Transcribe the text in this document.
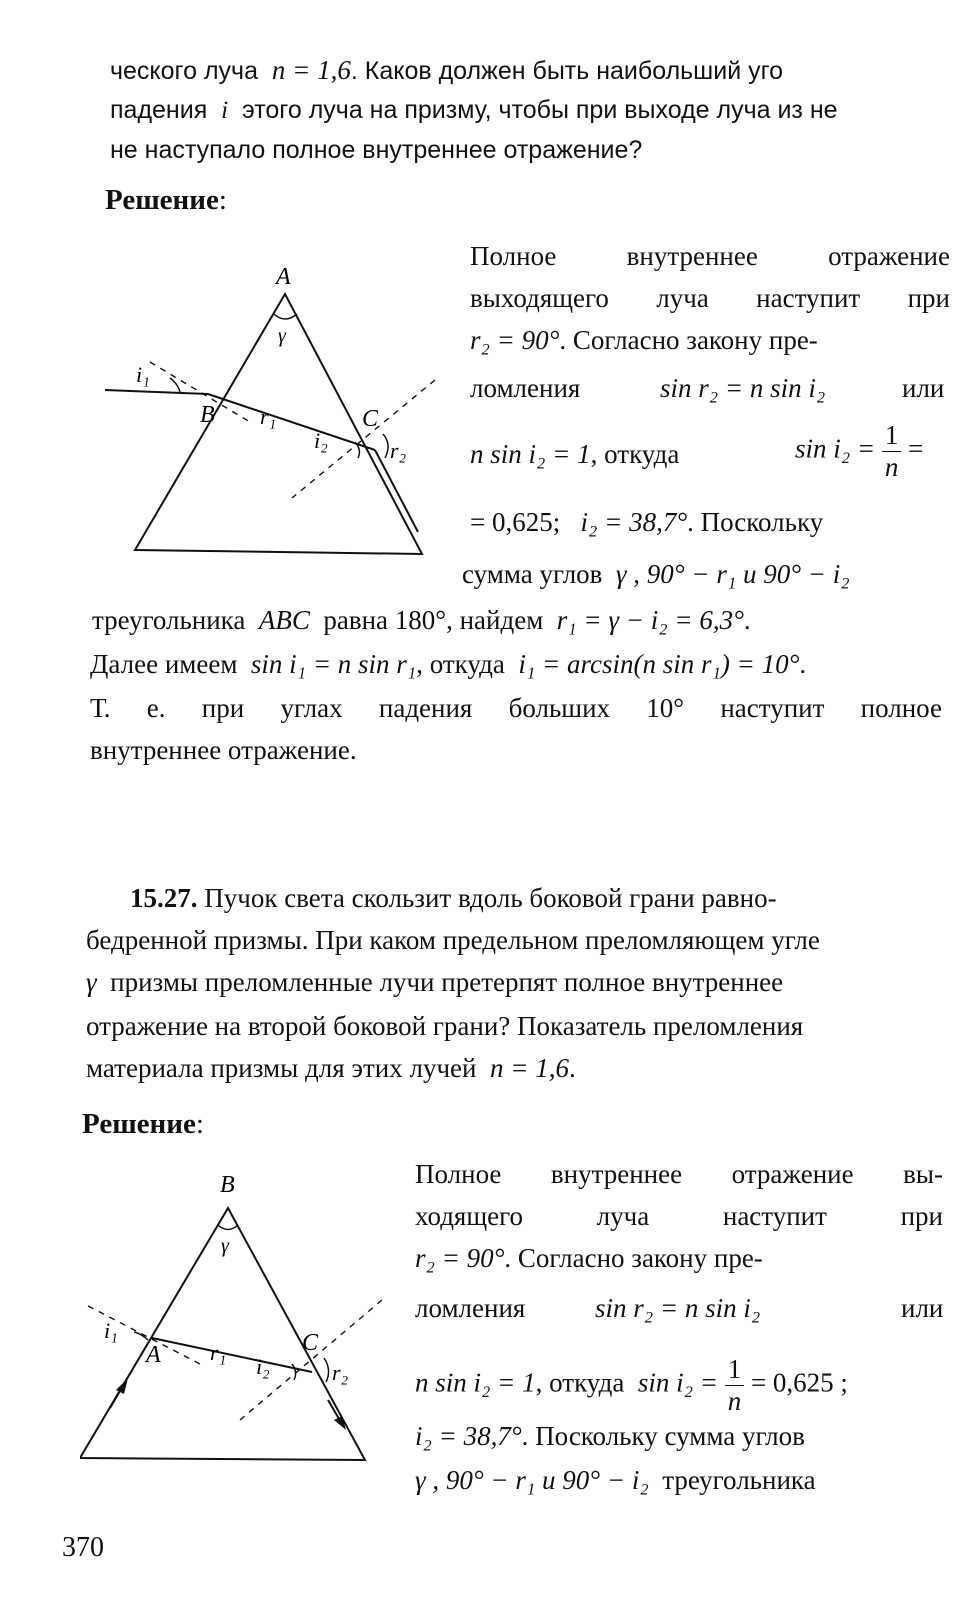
ческого луча n = 1,6. Каков должен быть наибольший уго
падения i этого луча на призму, чтобы при выходе луча из не
не наступало полное внутреннее отражение?
Решение:
A
γ
i₁
B r₁
i₂
C
r₂
Полное внутреннее отражение
выходящего луча наступит при
r₂ = 90°. Согласно закону пре-
ломления	sin r₂ = n sin i₂	или
n sin i₂ = 1, откуда	$\sin i_2 = \frac{1}{n}$ =
= 0,625; i₂ = 38,7°. Поскольку
сумма углов γ , 90° − r₁ и 90° − i₂
треугольника ABC равна 180°, найдем r₁ = γ − i₂ = 6,3°.
Далее имеем sin i₁ = n sin r₁, откуда i₁ = arcsin(n sin r₁) = 10°.
Т. е. при углах падения больших 10° наступит полное
внутреннее отражение.
15.27. Пучок света скользит вдоль боковой грани равно-
бедренной призмы. При каком предельном преломляющем угле
γ призмы преломленные лучи претерпят полное внутреннее
отражение на второй боковой грани? Показатель преломления
материала призмы для этих лучей n = 1,6.
Решение:
B
γ
i₁
A r₁
i₂
C
r₂
Полное внутреннее отражение вы-
ходящего луча наступит при
r₂ = 90°. Согласно закону пре-
ломления	sin r₂ = n sin i₂	или
n sin i₂ = 1, откуда $\sin i_2 = \frac{1}{n} = 0,625$ ;
i₂ = 38,7°. Поскольку сумма углов
γ , 90° − r₁ и 90° − i₂ треугольника
370
